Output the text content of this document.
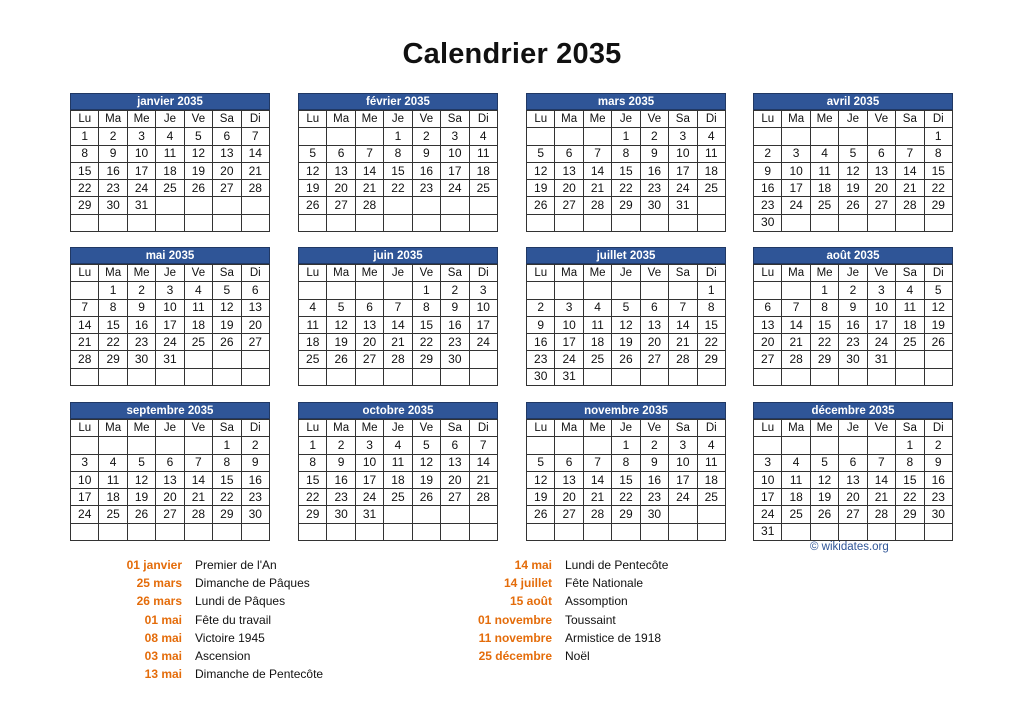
Calendrier 2035
janvier 2035
Lu	Ma	Me	Je	Ve	Sa	Di
1	2	3	4	5	6	7
8	9	10	11	12	13	14
15	16	17	18	19	20	21
22	23	24	25	26	27	28
29	30	31				

février 2035
Lu	Ma	Me	Je	Ve	Sa	Di
			1	2	3	4
5	6	7	8	9	10	11
12	13	14	15	16	17	18
19	20	21	22	23	24	25
26	27	28				

mars 2035
Lu	Ma	Me	Je	Ve	Sa	Di
			1	2	3	4
5	6	7	8	9	10	11
12	13	14	15	16	17	18
19	20	21	22	23	24	25
26	27	28	29	30	31	

avril 2035
Lu	Ma	Me	Je	Ve	Sa	Di
						1
2	3	4	5	6	7	8
9	10	11	12	13	14	15
16	17	18	19	20	21	22
23	24	25	26	27	28	29
30						
mai 2035
Lu	Ma	Me	Je	Ve	Sa	Di
	1	2	3	4	5	6
7	8	9	10	11	12	13
14	15	16	17	18	19	20
21	22	23	24	25	26	27
28	29	30	31			

juin 2035
Lu	Ma	Me	Je	Ve	Sa	Di
				1	2	3
4	5	6	7	8	9	10
11	12	13	14	15	16	17
18	19	20	21	22	23	24
25	26	27	28	29	30	

juillet 2035
Lu	Ma	Me	Je	Ve	Sa	Di
						1
2	3	4	5	6	7	8
9	10	11	12	13	14	15
16	17	18	19	20	21	22
23	24	25	26	27	28	29
30	31					
août 2035
Lu	Ma	Me	Je	Ve	Sa	Di
		1	2	3	4	5
6	7	8	9	10	11	12
13	14	15	16	17	18	19
20	21	22	23	24	25	26
27	28	29	30	31		

septembre 2035
Lu	Ma	Me	Je	Ve	Sa	Di
					1	2
3	4	5	6	7	8	9
10	11	12	13	14	15	16
17	18	19	20	21	22	23
24	25	26	27	28	29	30

octobre 2035
Lu	Ma	Me	Je	Ve	Sa	Di
1	2	3	4	5	6	7
8	9	10	11	12	13	14
15	16	17	18	19	20	21
22	23	24	25	26	27	28
29	30	31				

novembre 2035
Lu	Ma	Me	Je	Ve	Sa	Di
			1	2	3	4
5	6	7	8	9	10	11
12	13	14	15	16	17	18
19	20	21	22	23	24	25
26	27	28	29	30		

décembre 2035
Lu	Ma	Me	Je	Ve	Sa	Di
					1	2
3	4	5	6	7	8	9
10	11	12	13	14	15	16
17	18	19	20	21	22	23
24	25	26	27	28	29	30
31						
© wikidates.org
01 janvier Premier de l'An
25 mars Dimanche de Pâques
26 mars Lundi de Pâques
01 mai Fête du travail
08 mai Victoire 1945
03 mai Ascension
13 mai Dimanche de Pentecôte
14 mai Lundi de Pentecôte
14 juillet Fête Nationale
15 août Assomption
01 novembre Toussaint
11 novembre Armistice de 1918
25 décembre Noël
